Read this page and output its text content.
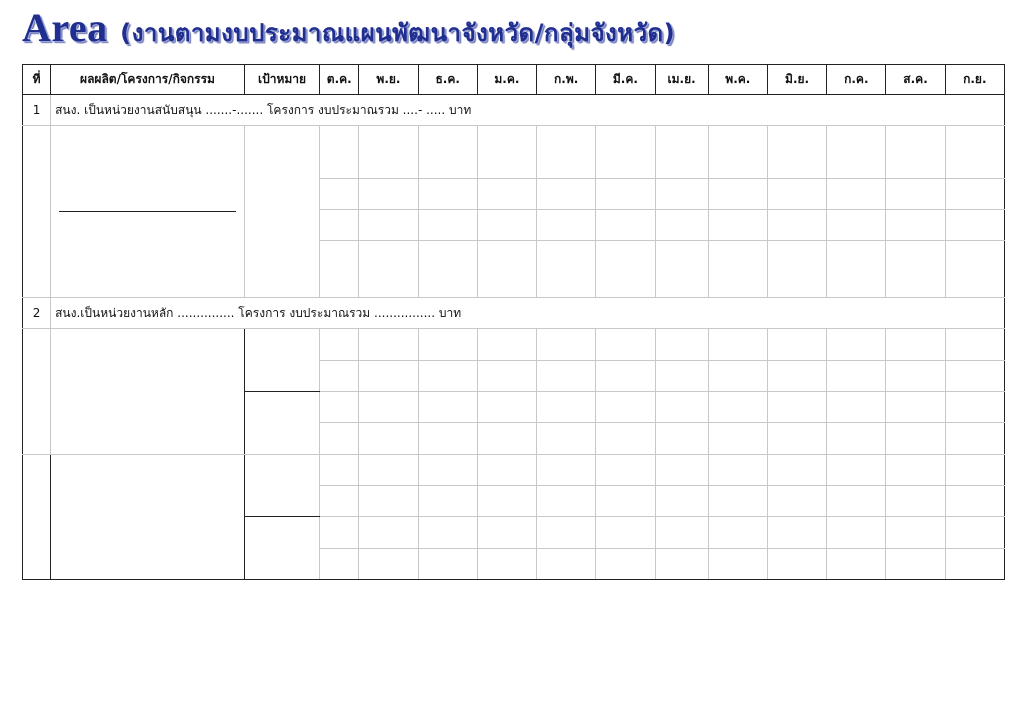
Area (งานตามงบประมาณแผนพัฒนาจังหวัด/กลุ่มจังหวัด)
ที่	ผลผลิต/โครงการ/กิจกรรม	เป้าหมาย	ต.ค.	พ.ย.	ธ.ค.	ม.ค.	ก.พ.	มี.ค.	เม.ย.	พ.ค.	มิ.ย.	ก.ค.	ส.ค.	ก.ย.
1	สนง. เป็นหน่วยงานสนับสนุน .......-....... โครงการ งบประมาณรวม ....- ..... บาท													

2	สนง.เป็นหน่วยงานหลัก ............... โครงการ งบประมาณรวม ................ บาท													
